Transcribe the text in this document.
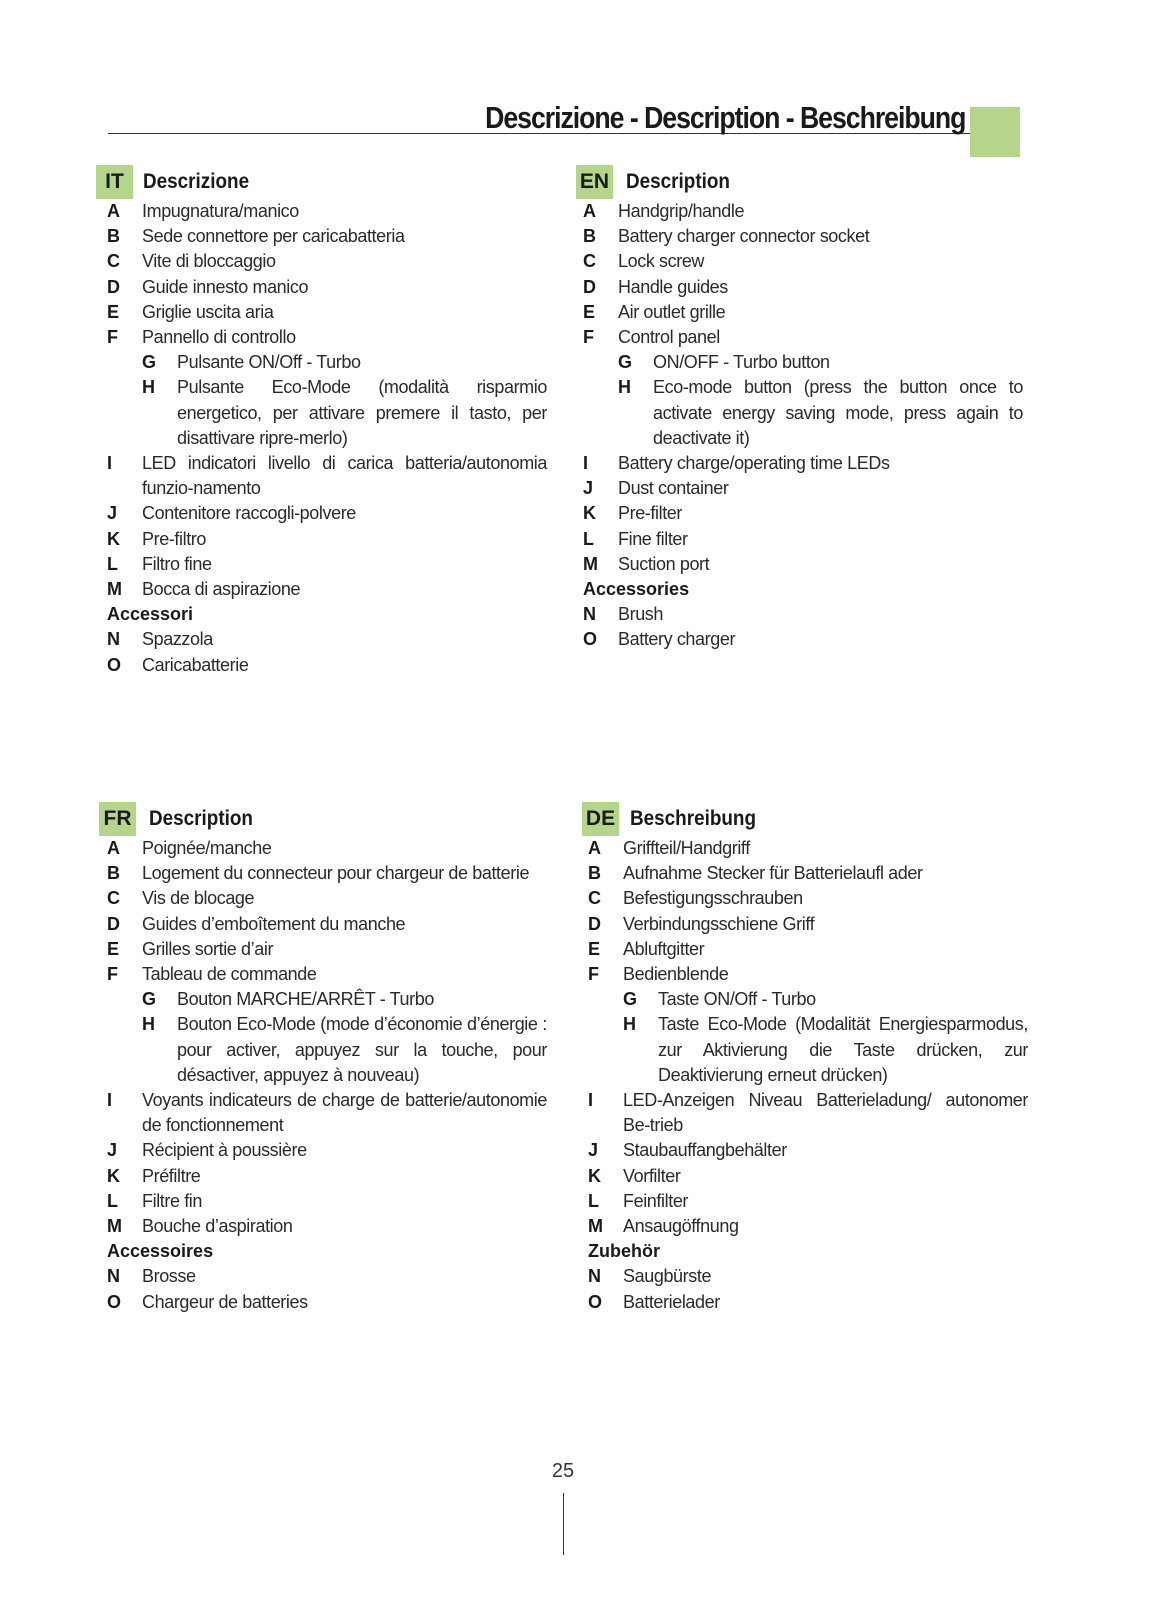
Descrizione - Description - Beschreibung
IT Descrizione
A Impugnatura/manico
B Sede connettore per caricabatteria
C Vite di bloccaggio
D Guide innesto manico
E Griglie uscita aria
F Pannello di controllo
G Pulsante ON/Off - Turbo
H Pulsante Eco-Mode (modalità risparmio energetico, per attivare premere il tasto, per disattivare ripre-merlo)
I LED indicatori livello di carica batteria/autonomia funzio-namento
J Contenitore raccogli-polvere
K Pre-filtro
L Filtro fine
M Bocca di aspirazione
Accessori
N Spazzola
O Caricabatterie
EN Description
A Handgrip/handle
B Battery charger connector socket
C Lock screw
D Handle guides
E Air outlet grille
F Control panel
G ON/OFF - Turbo button
H Eco-mode button (press the button once to activate energy saving mode, press again to deactivate it)
I Battery charge/operating time LEDs
J Dust container
K Pre-filter
L Fine filter
M Suction port
Accessories
N Brush
O Battery charger
FR Description
A Poignée/manche
B Logement du connecteur pour chargeur de batterie
C Vis de blocage
D Guides d’emboîtement du manche
E Grilles sortie d’air
F Tableau de commande
G Bouton MARCHE/ARRÊT - Turbo
H Bouton Eco-Mode (mode d’économie d’énergie : pour activer, appuyez sur la touche, pour désactiver, appuyez à nouveau)
I Voyants indicateurs de charge de batterie/autonomie de fonctionnement
J Récipient à poussière
K Préfiltre
L Filtre fin
M Bouche d’aspiration
Accessoires
N Brosse
O Chargeur de batteries
DE Beschreibung
A Griffteil/Handgriff
B Aufnahme Stecker für Batterielaufl ader
C Befestigungsschrauben
D Verbindungsschiene Griff
E Abluftgitter
F Bedienblende
G Taste ON/Off - Turbo
H Taste Eco-Mode (Modalität Energiesparmodus, zur Aktivierung die Taste drücken, zur Deaktivierung erneut drücken)
I LED-Anzeigen Niveau Batterieladung/ autonomer Be-trieb
J Staubauffangbehälter
K Vorfilter
L Feinfilter
M Ansaugöffnung
Zubehör
N Saugbürste
O Batterielader
25
